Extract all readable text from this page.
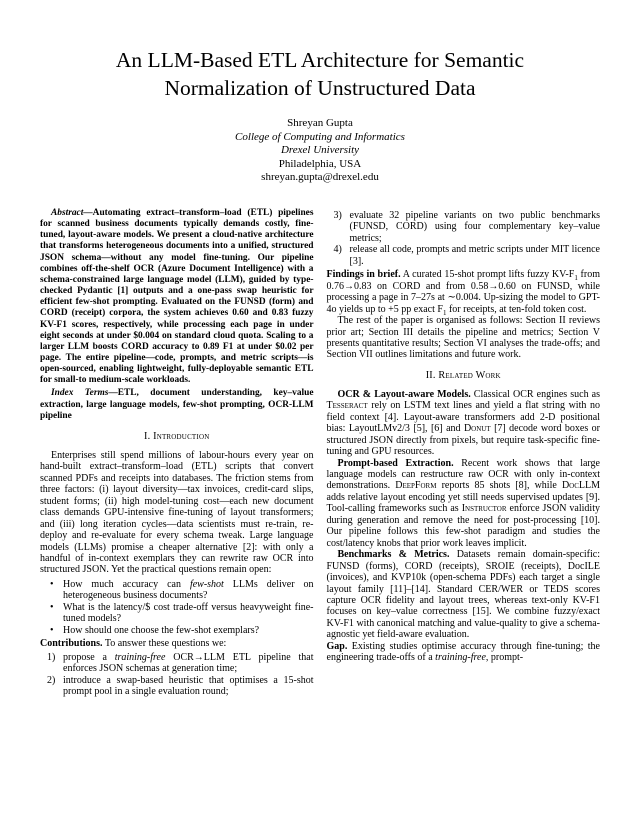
An LLM-Based ETL Architecture for Semantic Normalization of Unstructured Data
Shreyan Gupta
College of Computing and Informatics
Drexel University
Philadelphia, USA
shreyan.gupta@drexel.edu

Abstract—Automating extract–transform–load (ETL) pipelines for scanned business documents typically demands costly, fine-tuned, layout-aware models. We present a cloud-native architecture that transforms heterogeneous documents into a unified, structured JSON schema—without any model fine-tuning. Our pipeline combines off-the-shelf OCR (Azure Document Intelligence) with a schema-constrained large language model (LLM), guided by type-checked Pydantic [1] outputs and a one-pass swap heuristic for efficient few-shot prompting. Evaluated on the FUNSD (form) and CORD (receipt) corpora, the system achieves 0.60 and 0.83 fuzzy KV-F1 scores, respectively, while processing each page in under eight seconds at under $0.004 on standard cloud quota. Scaling to a larger LLM boosts CORD accuracy to 0.89 F1 at under $0.02 per page. The entire pipeline—code, prompts, and metric scripts—is open-sourced, enabling lightweight, fully-deployable semantic ETL for small-to medium-scale workloads.

Index Terms—ETL, document understanding, key–value extraction, large language models, few-shot prompting, OCR-LLM pipeline

I. Introduction

Enterprises still spend millions of labour-hours every year on hand-built extract–transform–load (ETL) scripts that convert scanned PDFs and receipts into databases. The friction stems from three factors: (i) layout diversity—tax invoices, credit-card slips, student forms; (ii) high model-tuning cost—each new document class demands GPU-intensive fine-tuning of layout transformers; and (iii) long iteration cycles—data scientists must re-train, re-deploy and re-evaluate for every schema tweak. Large language models (LLMs) promise a cheaper alternative [2]: with only a handful of in-context exemplars they can rewrite raw OCR into structured JSON. Yet the practical questions remain open:

• How much accuracy can few-shot LLMs deliver on heterogeneous business documents?
• What is the latency/$ cost trade-off versus heavyweight fine-tuned models?
• How should one choose the few-shot exemplars?

Contributions. To answer these questions we:

1) propose a training-free OCR→LLM ETL pipeline that enforces JSON schemas at generation time;
2) introduce a swap-based heuristic that optimises a 15-shot prompt pool in a single evaluation round;
3) evaluate 32 pipeline variants on two public benchmarks (FUNSD, CORD) using four complementary key–value metrics;
4) release all code, prompts and metric scripts under MIT licence [3].

Findings in brief. A curated 15-shot prompt lifts fuzzy $KV-F_1$ from 0.76→0.83 on CORD and from 0.58→0.60 on FUNSD, while processing a page in 7–27s at ∼0.004. Up-sizing the model to GPT-4o yields up to +5 pp exact $F_1$ for receipts, at ten-fold token cost.

The rest of the paper is organised as follows: Section II reviews prior art; Section III details the pipeline and metrics; Section V presents quantitative results; Section VI analyses the trade-offs; and Section VII outlines limitations and future work.

II. Related Work

OCR & Layout-aware Models. Classical OCR engines such as Tesseract rely on LSTM text lines and yield a flat string with no field context [4]. Layout-aware transformers add 2-D positional bias: LayoutLMv2/3 [5], [6] and Donut [7] decode word boxes or structured JSON directly from pixels, but require task-specific fine-tuning and GPU resources.

Prompt-based Extraction. Recent work shows that large language models can restructure raw OCR with only in-context demonstrations. DeepForm reports 85 shots [8], while DocLLM adds relative layout encoding yet still needs supervised updates [9]. Tool-calling frameworks such as Instructor enforce JSON validity during generation and remove the need for post-processing [10]. Our pipeline follows this few-shot paradigm and studies the cost/latency knobs that prior work leaves implicit.

Benchmarks & Metrics. Datasets remain domain-specific: FUNSD (forms), CORD (receipts), SROIE (receipts), DocILE (invoices), and KVP10k (open-schema PDFs) each target a single layout family [11]–[14]. Standard CER/WER or TEDS scores capture OCR fidelity and layout trees, whereas text-only KV-F1 focuses on key–value correctness [15]. We combine fuzzy/exact KV-F1 with canonical matching and value-quality to give a schema-agnostic yet field-aware evaluation.

Gap. Existing studies optimise accuracy through fine-tuning; the engineering trade-offs of a training-free, prompt-
